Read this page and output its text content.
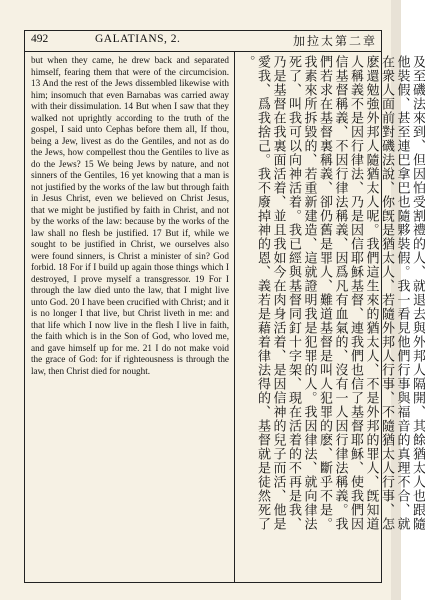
492	GALATIANS, 2.	加拉太第二章

but when they came, he drew back and separated himself, fearing them that were of the circumcision. 13 And the rest of the Jews dissembled likewise with him; insomuch that even Barnabas was carried away with their dissimulation. 14 But when I saw that they walked not uprightly according to the truth of the gospel, I said unto Cephas before them all, If thou, being a Jew, livest as do the Gentiles, and not as do the Jews, how compellest thou the Gentiles to live as do the Jews? 15 We being Jews by nature, and not sinners of the Gentiles, 16 yet knowing that a man is not justified by the works of the law but through faith in Jesus Christ, even we believed on Christ Jesus, that we might be justified by faith in Christ, and not by the works of the law: because by the works of the law shall no flesh be justified. 17 But if, while we sought to be justified in Christ, we ourselves also were found sinners, is Christ a minister of sin? God forbid. 18 For if I build up again those things which I destroyed, I prove myself a transgressor. 19 For I through the law died unto the law, that I might live unto God. 20 I have been crucified with Christ; and it is no longer I that live, but Christ liveth in me: and that life which I now live in the flesh I live in faith, the faith which is in the Son of God, who loved me, and gave himself up for me. 21 I do not make void the grace of God: for if righteousness is through the law, then Christ died for nought.	及至磯法來到、但因怕受割禮的人、就退去與外邦人隔開、其餘猶太人也跟隨
他裝假、甚至連巴拿巴也隨夥裝假。我一看見他們行事與福音的真理不合、就
在衆人面前對磯法說、你旣是猶太人、若隨外邦人行事、不隨猶太人行事、怎
麽還勉強外邦人隨猶太人呢。我們這生來的猶太人、不是外邦的罪人、旣知道
人稱義不是因行律法、乃是因信耶穌基督、連我們也信了基督耶穌、使我們因
信基督稱義、不因行律法稱義、因爲凡有血氣的、沒有一人因行律法稱義。我
們若求在基督裏稱義、卻仍舊是罪人、難道基督是叫人犯罪的麽、斷乎不是。
我素來所拆毀的、若重新建造、這就證明我是犯罪的人。我因律法、就向律法
死了、叫我可以向神活着。我已經與基督同釘十字架、現在活着的不再是我、
乃是基督在我裏面活着、並且我如今在肉身活着、是因信神的兒子而活、他是
愛我、爲我捨己。我不廢掉神的恩、義若是藉着律法得的、基督就是徒然死了
。
